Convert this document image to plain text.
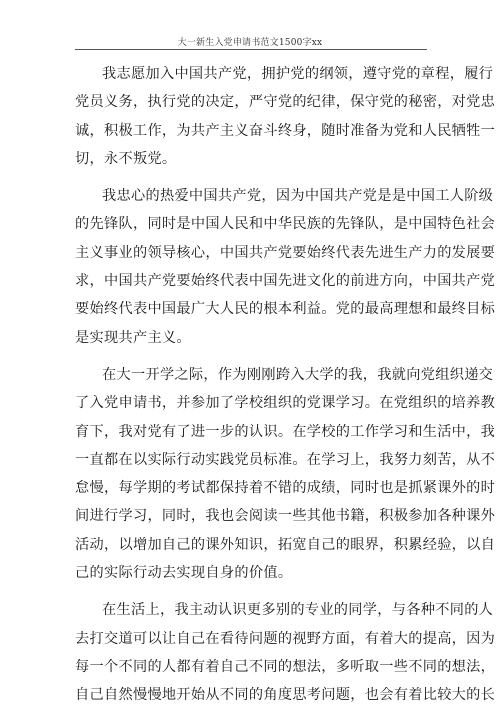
大一新生入党申请书范文1500字xx

我志愿加入中国共产党，拥护党的纲领，遵守党的章程，履行
党员义务，执行党的决定，严守党的纪律，保守党的秘密，对党忠
诚，积极工作，为共产主义奋斗终身，随时准备为党和人民牺牲一
切，永不叛党。

我忠心的热爱中国共产党，因为中国共产党是是中国工人阶级
的先锋队，同时是中国人民和中华民族的先锋队，是中国特色社会
主义事业的领导核心，中国共产党要始终代表先进生产力的发展要
求，中国共产党要始终代表中国先进文化的前进方向，中国共产党
要始终代表中国最广大人民的根本利益。党的最高理想和最终目标
是实现共产主义。

在大一开学之际，作为刚刚跨入大学的我，我就向党组织递交
了入党申请书，并参加了学校组织的党课学习。在党组织的培养教
育下，我对党有了进一步的认识。在学校的工作学习和生活中，我
一直都在以实际行动实践党员标准。在学习上，我努力刻苦，从不
怠慢，每学期的考试都保持着不错的成绩，同时也是抓紧课外的时
间进行学习，同时，我也会阅读一些其他书籍，积极参加各种课外
活动，以增加自己的课外知识，拓宽自己的眼界，积累经验，以自
己的实际行动去实现自身的价值。

在生活上，我主动认识更多别的专业的同学，与各种不同的人
去打交道可以让自己在看待问题的视野方面，有着大的提高，因为
每一个不同的人都有着自己不同的想法，多听取一些不同的想法，
自己自然慢慢地开始从不同的角度思考问题，也会有着比较大的长
